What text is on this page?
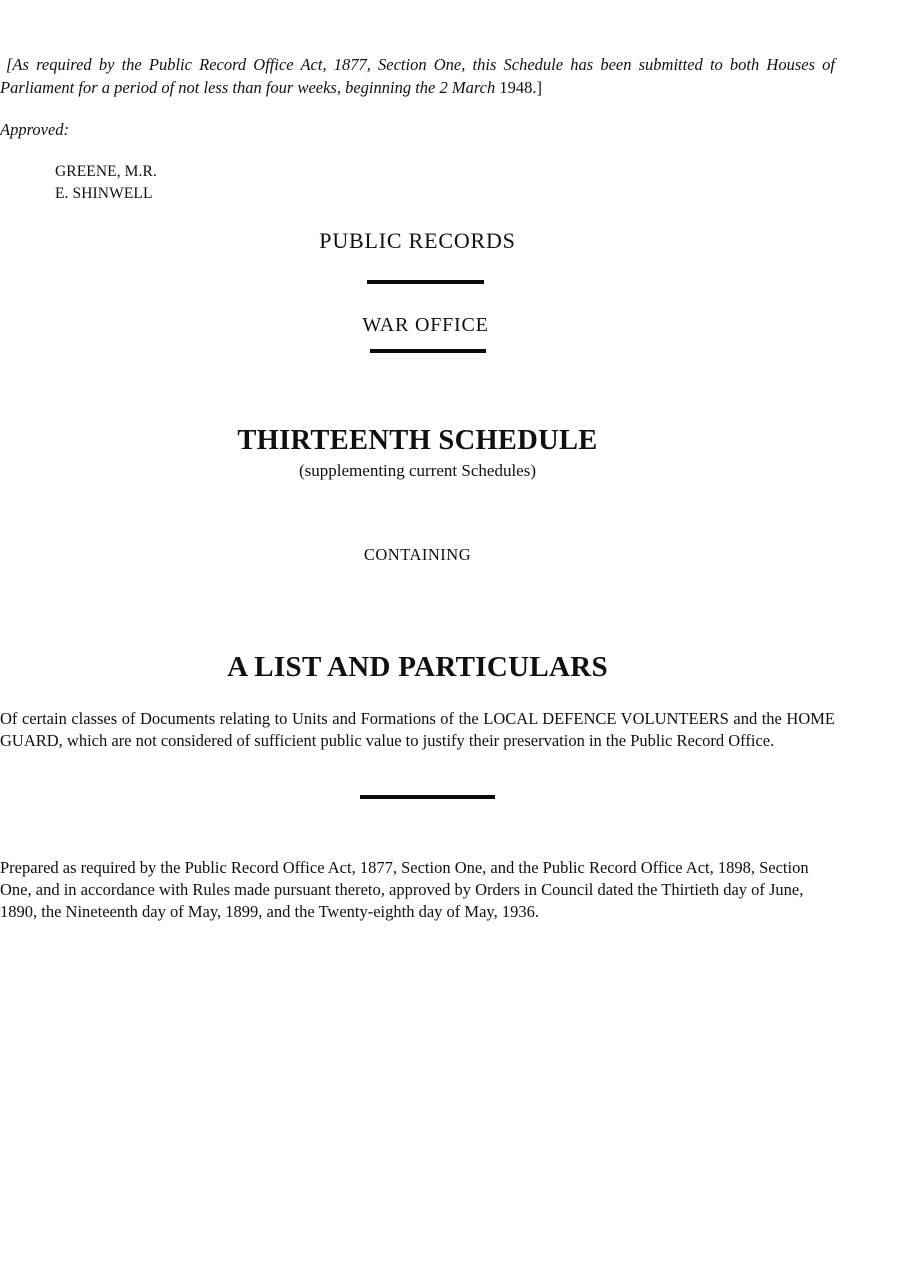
[As required by the Public Record Office Act, 1877, Section One, this Schedule has been submitted to both Houses of Parliament for a period of not less than four weeks, beginning the 2 March 1948.]
Approved:
GREENE, M.R.
E. SHINWELL
PUBLIC RECORDS
WAR OFFICE
THIRTEENTH SCHEDULE
(supplementing current Schedules)
CONTAINING
A LIST AND PARTICULARS
Of certain classes of Documents relating to Units and Formations of the LOCAL DEFENCE VOLUNTEERS and the HOME GUARD, which are not considered of sufficient public value to justify their preservation in the Public Record Office.
Prepared as required by the Public Record Office Act, 1877, Section One, and the Public Record Office Act, 1898, Section One, and in accordance with Rules made pursuant thereto, approved by Orders in Council dated the Thirtieth day of June, 1890, the Nineteenth day of May, 1899, and the Twenty-eighth day of May, 1936.
